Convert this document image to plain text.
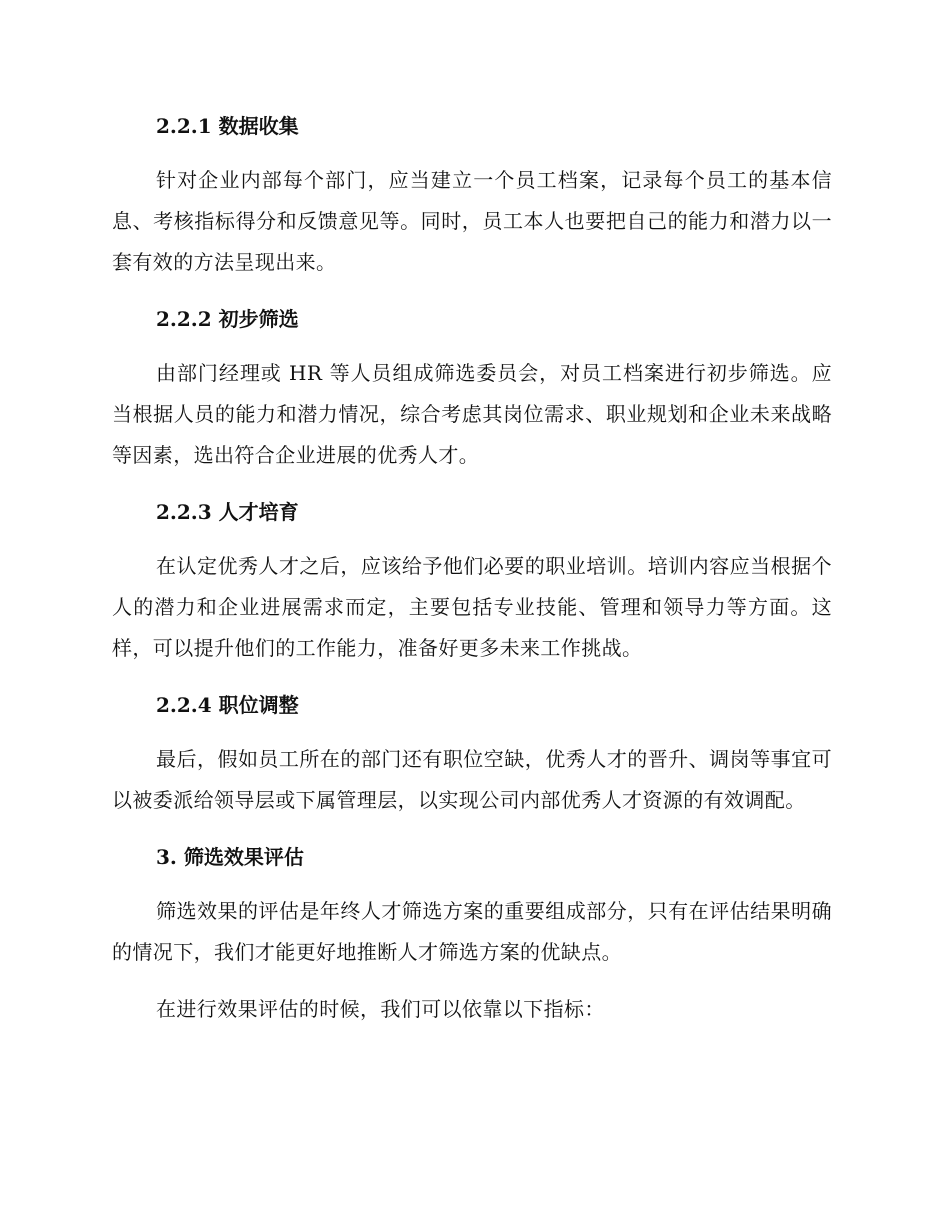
2.2.1 数据收集

针对企业内部每个部门，应当建立一个员工档案，记录每个员工的基本信息、考核指标得分和反馈意见等。同时，员工本人也要把自己的能力和潜力以一套有效的方法呈现出来。

2.2.2 初步筛选

由部门经理或 HR 等人员组成筛选委员会，对员工档案进行初步筛选。应当根据人员的能力和潜力情况，综合考虑其岗位需求、职业规划和企业未来战略等因素，选出符合企业进展的优秀人才。

2.2.3 人才培育

在认定优秀人才之后，应该给予他们必要的职业培训。培训内容应当根据个人的潜力和企业进展需求而定，主要包括专业技能、管理和领导力等方面。这样，可以提升他们的工作能力，准备好更多未来工作挑战。

2.2.4 职位调整

最后，假如员工所在的部门还有职位空缺，优秀人才的晋升、调岗等事宜可以被委派给领导层或下属管理层，以实现公司内部优秀人才资源的有效调配。

3. 筛选效果评估

筛选效果的评估是年终人才筛选方案的重要组成部分，只有在评估结果明确的情况下，我们才能更好地推断人才筛选方案的优缺点。

在进行效果评估的时候，我们可以依靠以下指标：
